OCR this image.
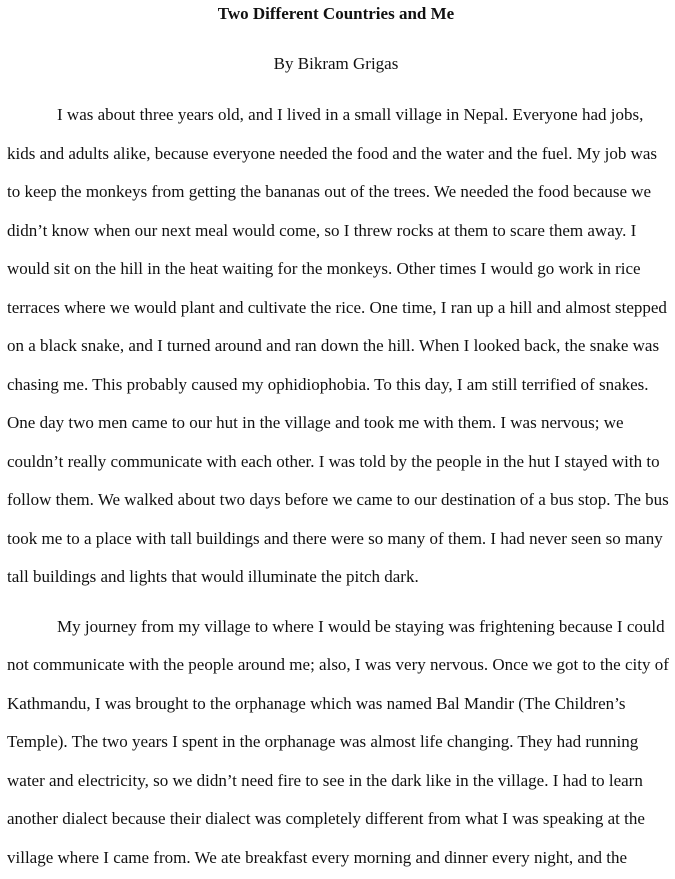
Two Different Countries and Me
By Bikram Grigas

I was about three years old, and I lived in a small village in Nepal. Everyone had jobs,
kids and adults alike, because everyone needed the food and the water and the fuel. My job was
to keep the monkeys from getting the bananas out of the trees. We needed the food because we
didn’t know when our next meal would come, so I threw rocks at them to scare them away. I
would sit on the hill in the heat waiting for the monkeys. Other times I would go work in rice
terraces where we would plant and cultivate the rice. One time, I ran up a hill and almost stepped
on a black snake, and I turned around and ran down the hill. When I looked back, the snake was
chasing me. This probably caused my ophidiophobia. To this day, I am still terrified of snakes.
One day two men came to our hut in the village and took me with them. I was nervous; we
couldn’t really communicate with each other. I was told by the people in the hut I stayed with to
follow them. We walked about two days before we came to our destination of a bus stop. The bus
took me to a place with tall buildings and there were so many of them. I had never seen so many
tall buildings and lights that would illuminate the pitch dark.

My journey from my village to where I would be staying was frightening because I could
not communicate with the people around me; also, I was very nervous. Once we got to the city of
Kathmandu, I was brought to the orphanage which was named Bal Mandir (The Children’s
Temple). The two years I spent in the orphanage was almost life changing. They had running
water and electricity, so we didn’t need fire to see in the dark like in the village. I had to learn
another dialect because their dialect was completely different from what I was speaking at the
village where I came from. We ate breakfast every morning and dinner every night, and the
